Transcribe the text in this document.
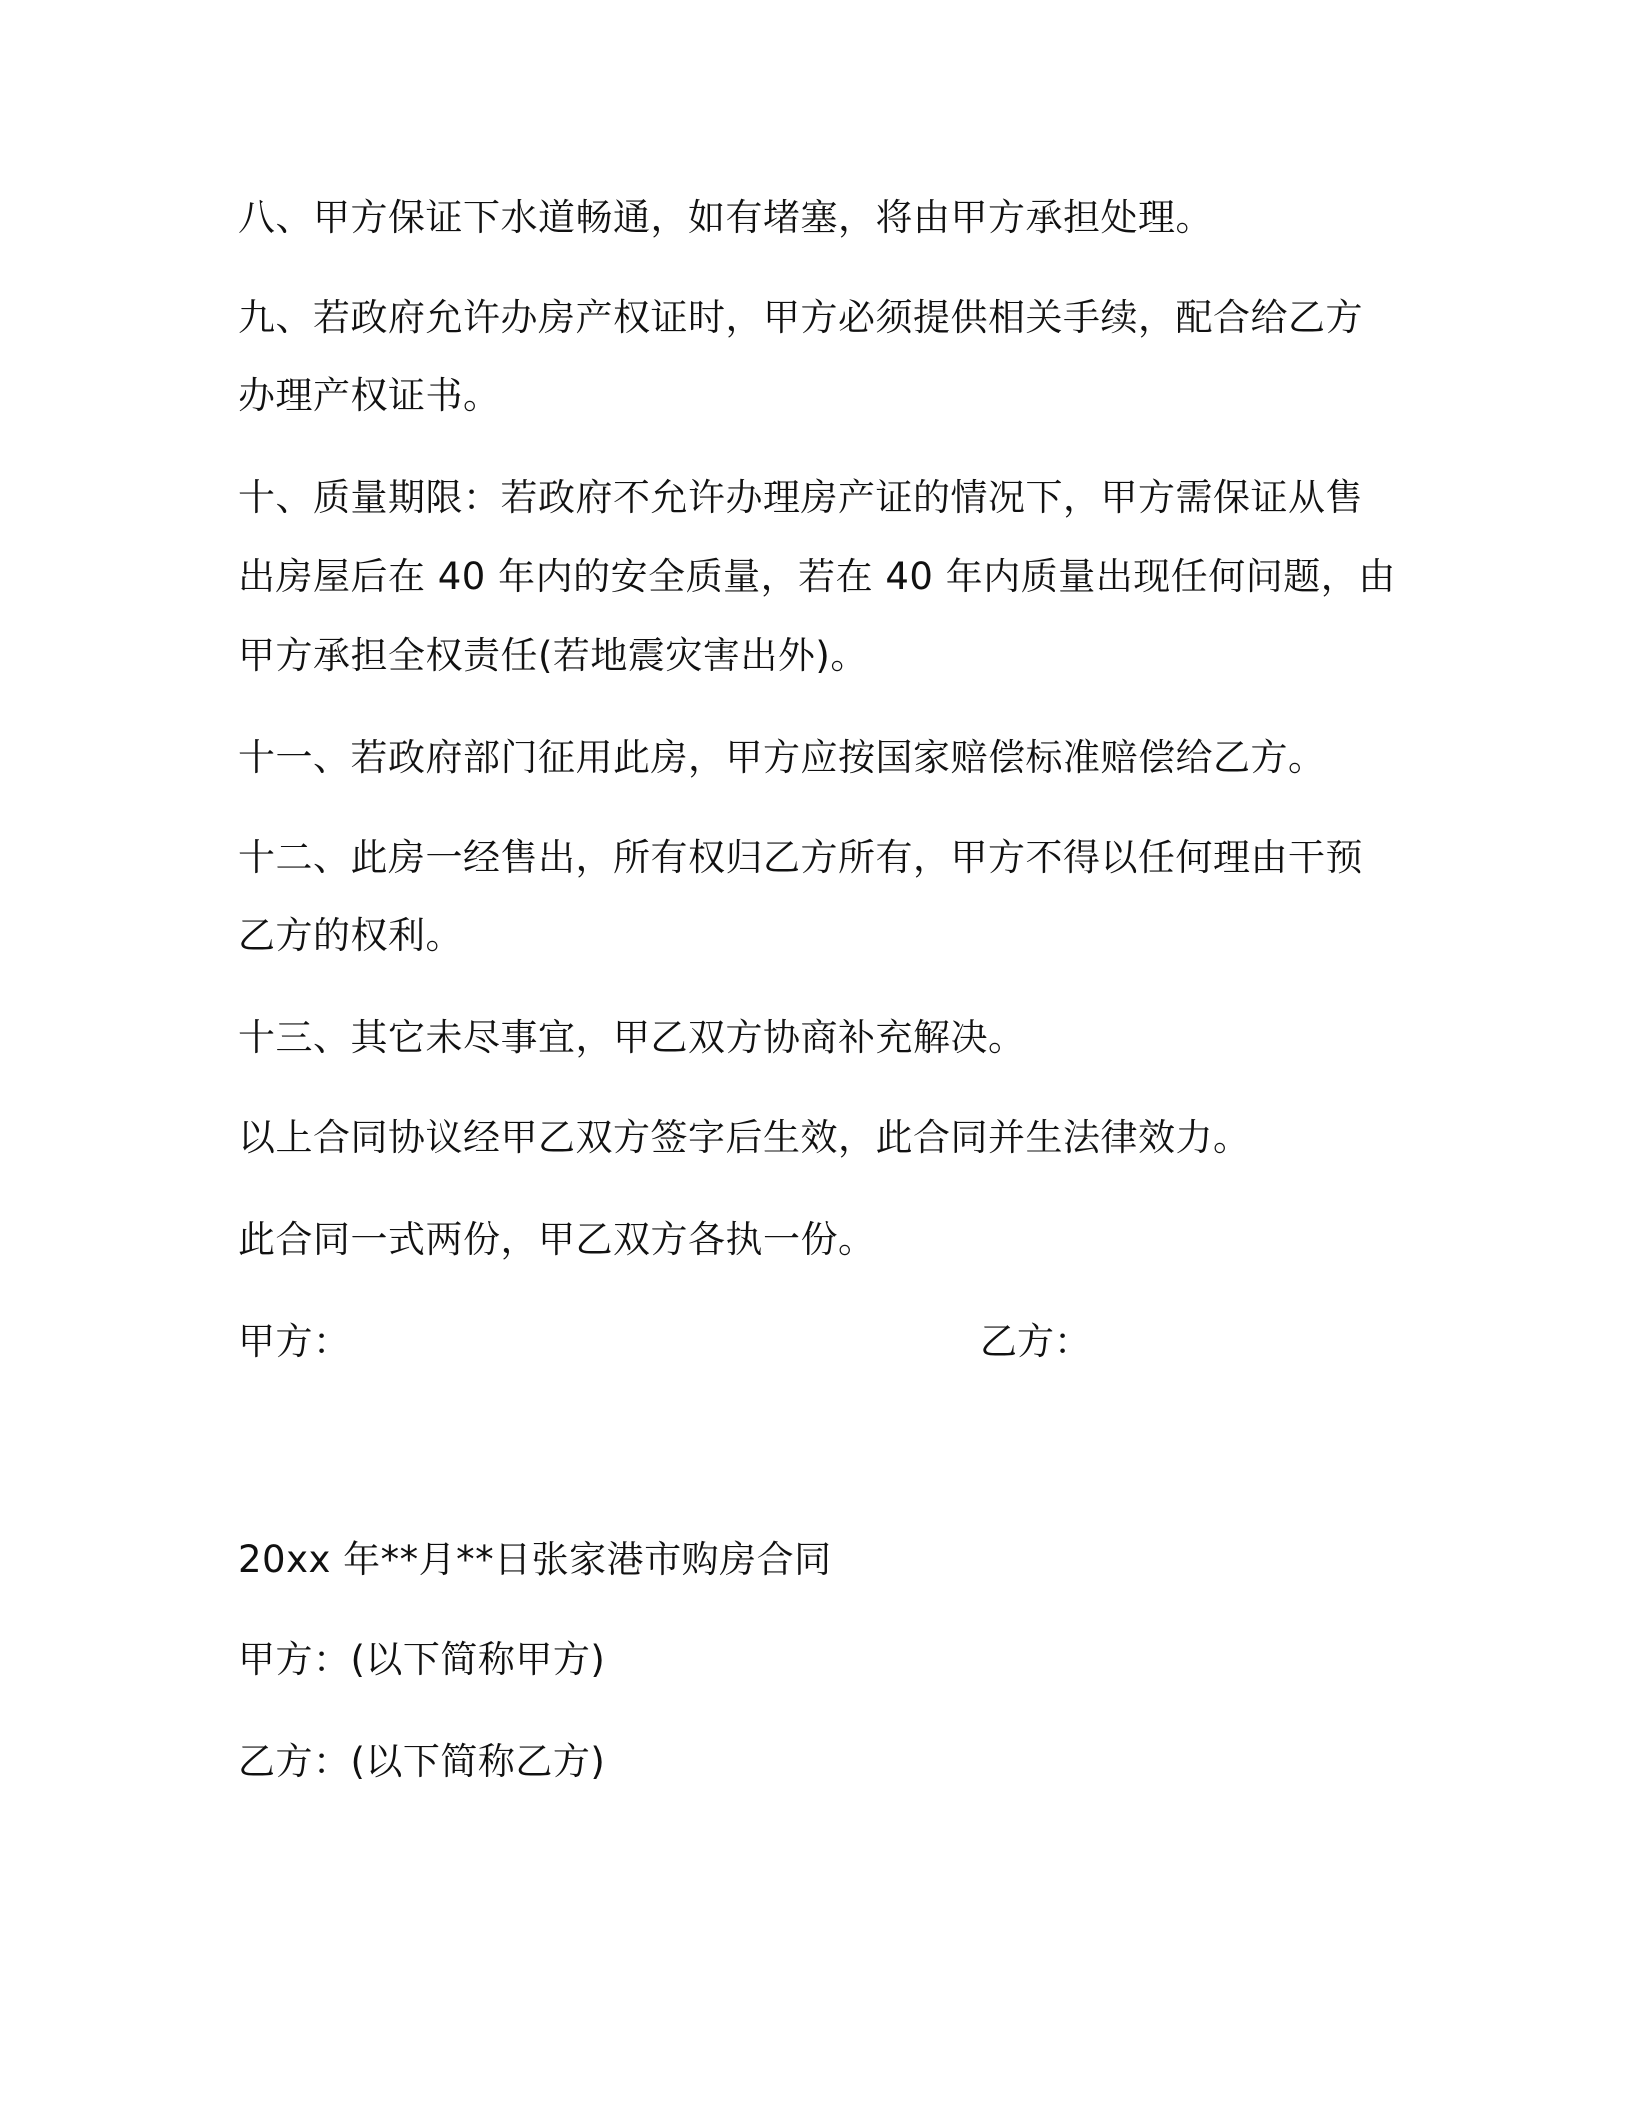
八、甲方保证下水道畅通，如有堵塞，将由甲方承担处理。
九、若政府允许办房产权证时，甲方必须提供相关手续，配合给乙方
办理产权证书。
十、质量期限：若政府不允许办理房产证的情况下，甲方需保证从售
出房屋后在 40 年内的安全质量，若在 40 年内质量出现任何问题，由
甲方承担全权责任(若地震灾害出外)。
十一、若政府部门征用此房，甲方应按国家赔偿标准赔偿给乙方。
十二、此房一经售出，所有权归乙方所有，甲方不得以任何理由干预
乙方的权利。
十三、其它未尽事宜，甲乙双方协商补充解决。
以上合同协议经甲乙双方签字后生效，此合同并生法律效力。
此合同一式两份，甲乙双方各执一份。
甲方：	乙方：
20xx 年**月**日张家港市购房合同
甲方：(以下简称甲方)
乙方：(以下简称乙方)
